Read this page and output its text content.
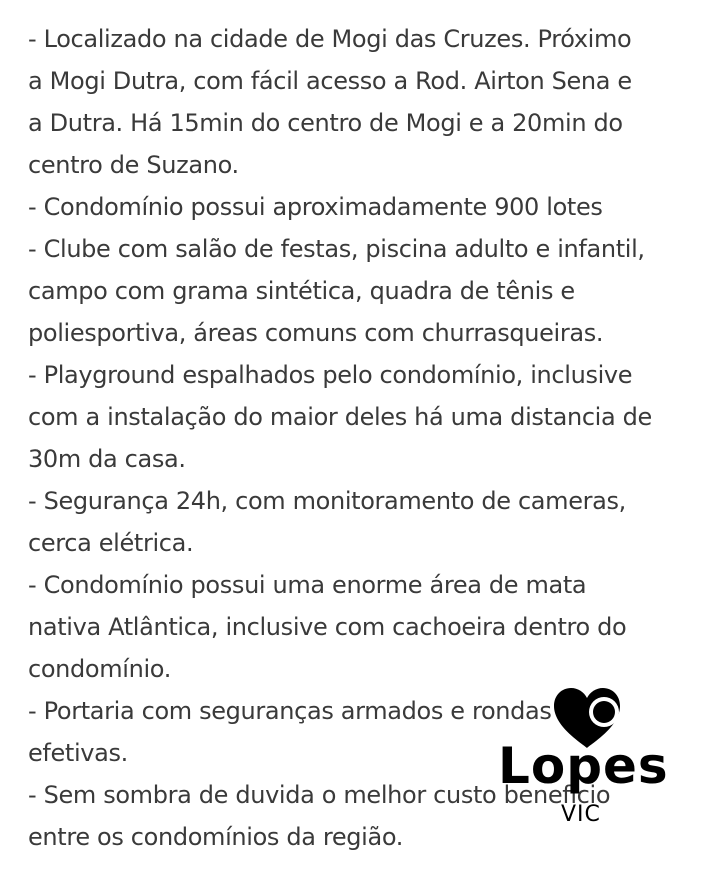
- Localizado na cidade de Mogi das Cruzes. Próximo
a Mogi Dutra, com fácil acesso a Rod. Airton Sena e
a Dutra. Há 15min do centro de Mogi e a 20min do
centro de Suzano.
- Condomínio possui aproximadamente 900 lotes
- Clube com salão de festas, piscina adulto e infantil,
campo com grama sintética, quadra de tênis e
poliesportiva, áreas comuns com churrasqueiras.
- Playground espalhados pelo condomínio, inclusive
com a instalação do maior deles há uma distancia de
30m da casa.
- Segurança 24h, com monitoramento de cameras,
cerca elétrica.
- Condomínio possui uma enorme área de mata
nativa Atlântica, inclusive com cachoeira dentro do
condomínio.
- Portaria com seguranças armados e rondas
efetivas.
- Sem sombra de duvida o melhor custo benefício
entre os condomínios da região.
Lopes
VIC
